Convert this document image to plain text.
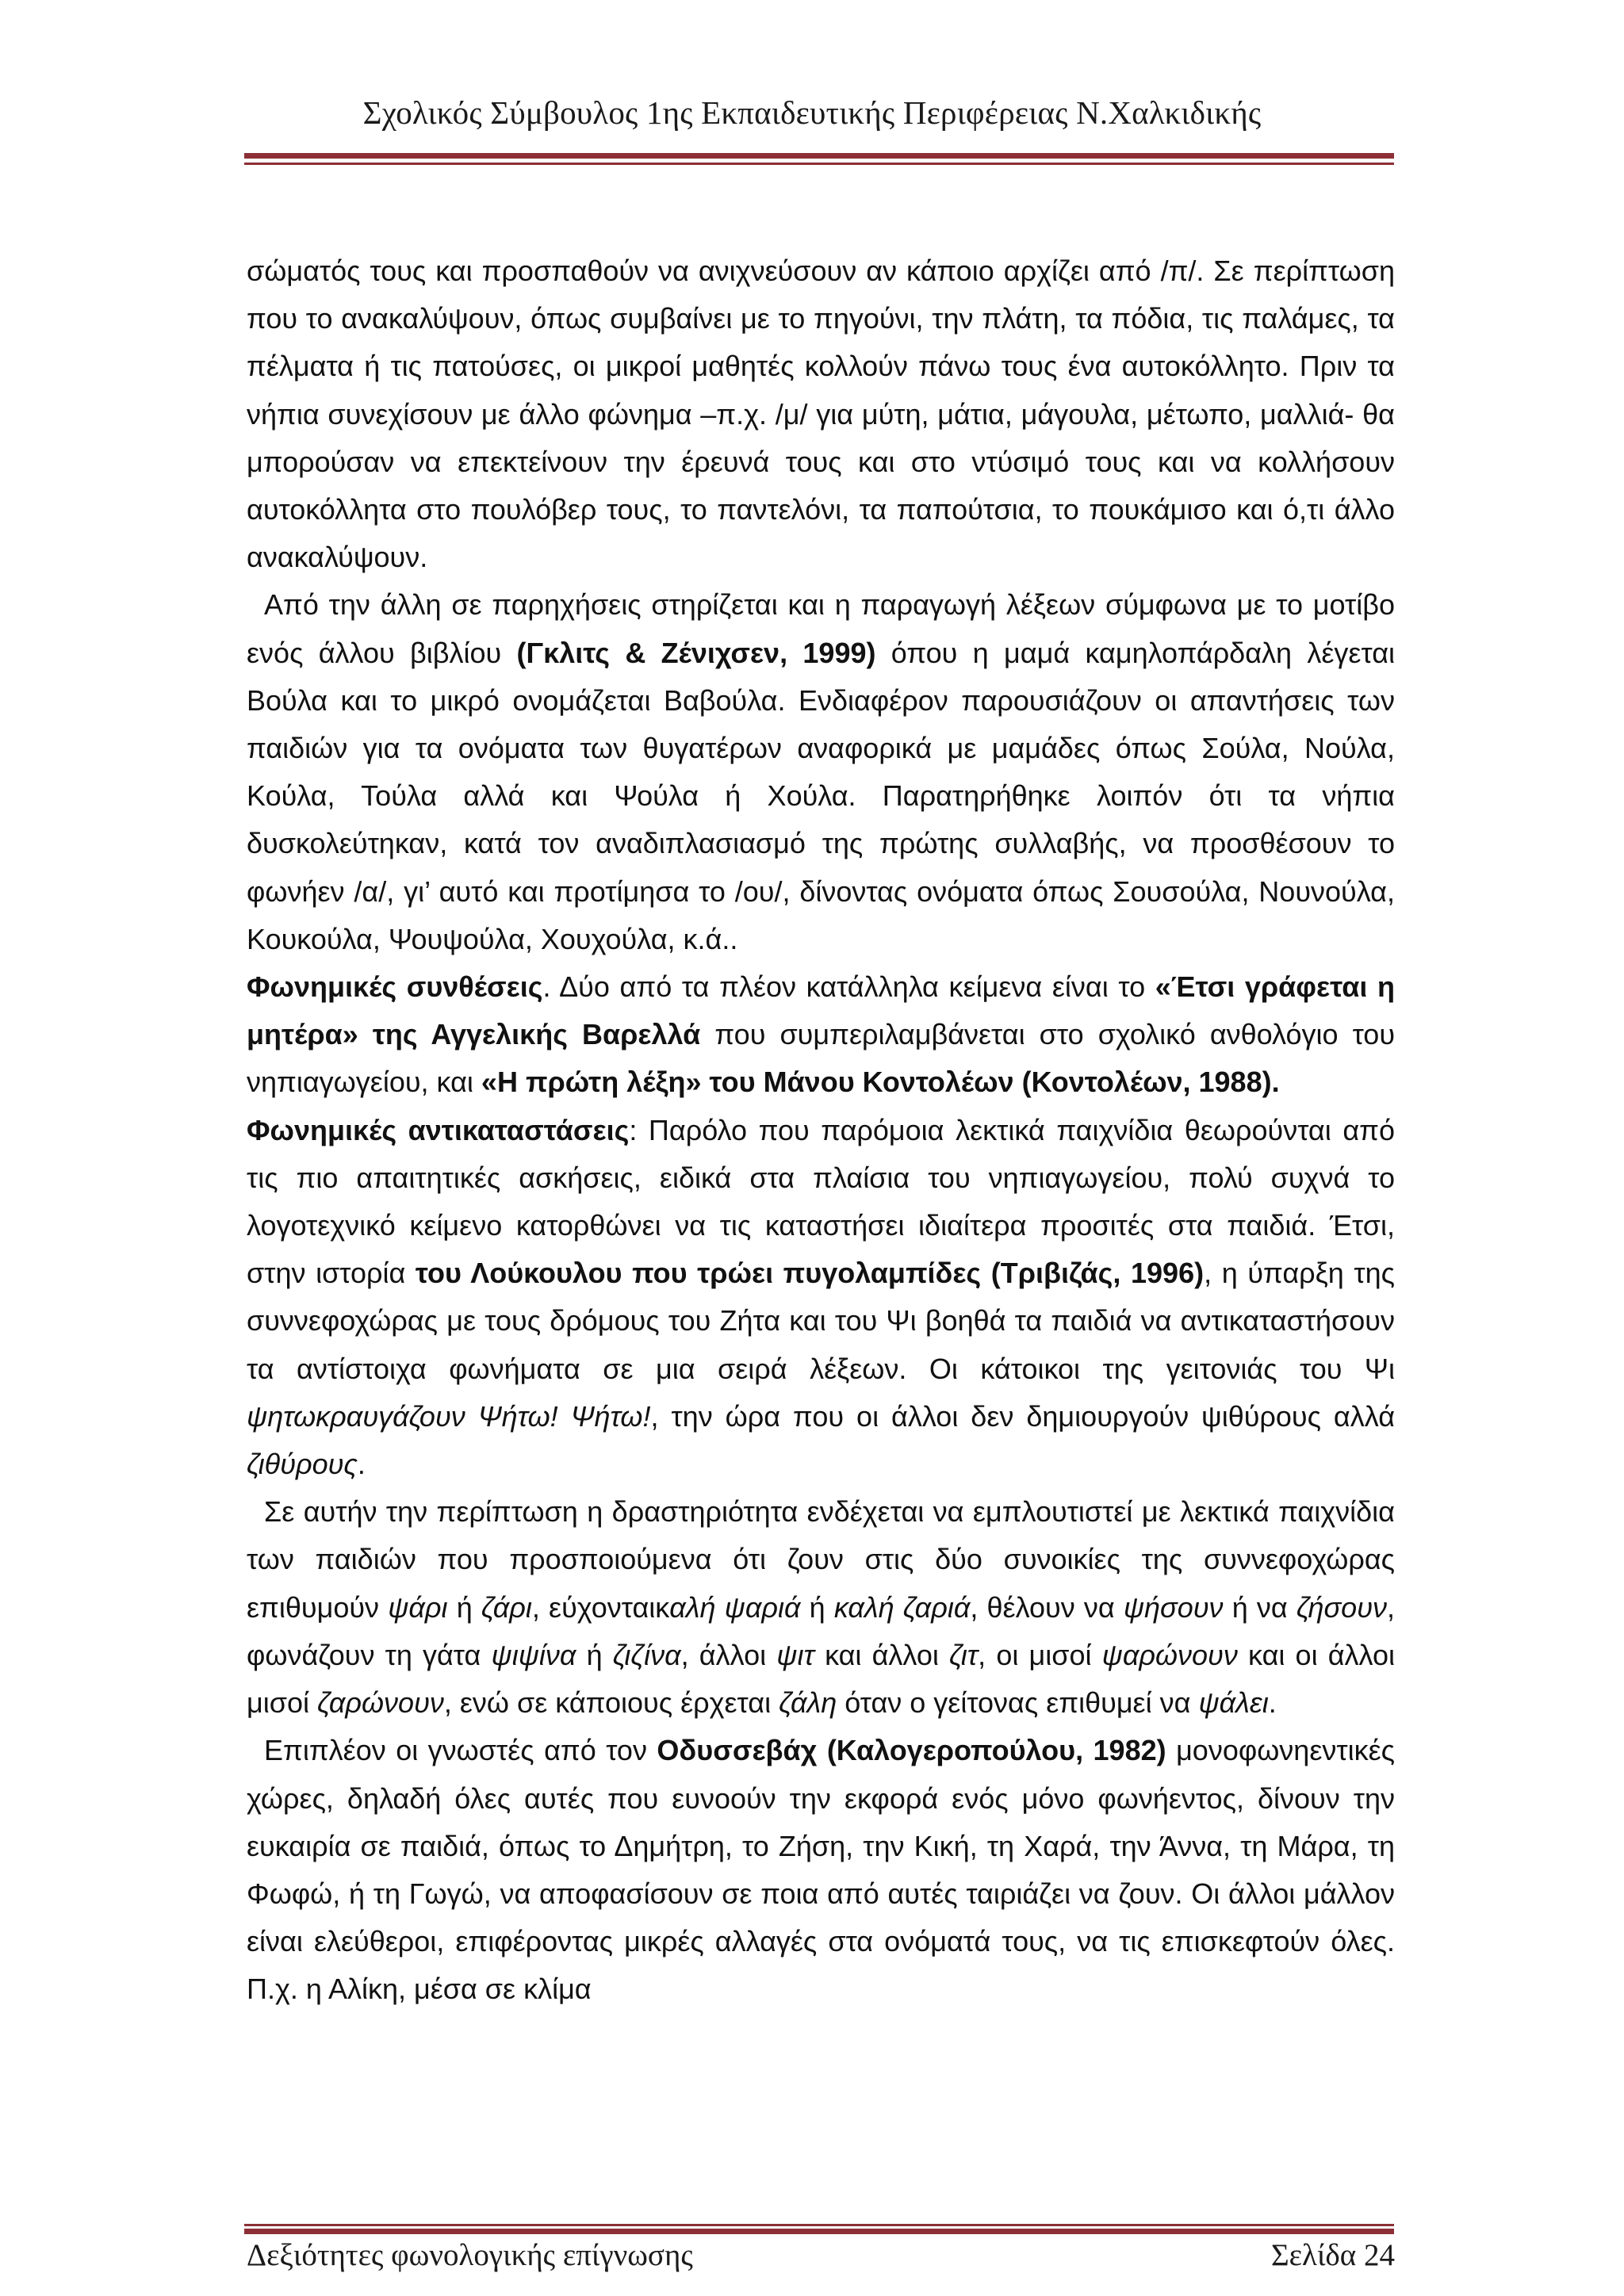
Σχολικός Σύμβουλος 1ης Εκπαιδευτικής Περιφέρειας Ν.Χαλκιδικής

σώματός τους και προσπαθούν να ανιχνεύσουν αν κάποιο αρχίζει από /π/. Σε περίπτωση που το ανακαλύψουν, όπως συμβαίνει με το πηγούνι, την πλάτη, τα πόδια, τις παλάμες, τα πέλματα ή τις πατούσες, οι μικροί μαθητές κολλούν πάνω τους ένα αυτοκόλλητο. Πριν τα νήπια συνεχίσουν με άλλο φώνημα –π.χ. /μ/ για μύτη, μάτια, μάγουλα, μέτωπο, μαλλιά- θα μπορούσαν να επεκτείνουν την έρευνά τους και στο ντύσιμό τους και να κολλήσουν αυτοκόλλητα στο πουλόβερ τους, το παντελόνι, τα παπούτσια, το πουκάμισο και ό,τι άλλο ανακαλύψουν.

Από την άλλη σε παρηχήσεις στηρίζεται και η παραγωγή λέξεων σύμφωνα με το μοτίβο ενός άλλου βιβλίου (Γκλιτς & Ζένιχσεν, 1999) όπου η μαμά καμηλοπάρδαλη λέγεται Βούλα και το μικρό ονομάζεται Βαβούλα. Ενδιαφέρον παρουσιάζουν οι απαντήσεις των παιδιών για τα ονόματα των θυγατέρων αναφορικά με μαμάδες όπως Σούλα, Νούλα, Κούλα, Τούλα αλλά και Ψούλα ή Χούλα. Παρατηρήθηκε λοιπόν ότι τα νήπια δυσκολεύτηκαν, κατά τον αναδιπλασιασμό της πρώτης συλλαβής, να προσθέσουν το φωνήεν /α/, γι’ αυτό και προτίμησα το /ου/, δίνοντας ονόματα όπως Σουσούλα, Νουνούλα, Κουκούλα, Ψουψούλα, Χουχούλα, κ.ά..

Φωνημικές συνθέσεις. Δύο από τα πλέον κατάλληλα κείμενα είναι το «Έτσι γράφεται η μητέρα» της Αγγελικής Βαρελλά που συμπεριλαμβάνεται στο σχολικό ανθολόγιο του νηπιαγωγείου, και «Η πρώτη λέξη» του Μάνου Κοντολέων (Κοντολέων, 1988).

Φωνημικές αντικαταστάσεις: Παρόλο που παρόμοια λεκτικά παιχνίδια θεωρούνται από τις πιο απαιτητικές ασκήσεις, ειδικά στα πλαίσια του νηπιαγωγείου, πολύ συχνά το λογοτεχνικό κείμενο κατορθώνει να τις καταστήσει ιδιαίτερα προσιτές στα παιδιά. Έτσι, στην ιστορία του Λούκουλου που τρώει πυγολαμπίδες (Τριβιζάς, 1996), η ύπαρξη της συννεφοχώρας με τους δρόμους του Ζήτα και του Ψι βοηθά τα παιδιά να αντικαταστήσουν τα αντίστοιχα φωνήματα σε μια σειρά λέξεων. Οι κάτοικοι της γειτονιάς του Ψι ψητωκραυγάζουν Ψήτω! Ψήτω!, την ώρα που οι άλλοι δεν δημιουργούν ψιθύρους αλλά ζιθύρους.

Σε αυτήν την περίπτωση η δραστηριότητα ενδέχεται να εμπλουτιστεί με λεκτικά παιχνίδια των παιδιών που προσποιούμενα ότι ζουν στις δύο συνοικίες της συννεφοχώρας επιθυμούν ψάρι ή ζάρι, εύχονταικαλή ψαριά ή καλή ζαριά, θέλουν να ψήσουν ή να ζήσουν, φωνάζουν τη γάτα ψιψίνα ή ζιζίνα, άλλοι ψιτ και άλλοι ζιτ, οι μισοί ψαρώνουν και οι άλλοι μισοί ζαρώνουν, ενώ σε κάποιους έρχεται ζάλη όταν ο γείτονας επιθυμεί να ψάλει.

Επιπλέον οι γνωστές από τον Οδυσσεβάχ (Καλογεροπούλου, 1982) μονοφωνηεντικές χώρες, δηλαδή όλες αυτές που ευνοούν την εκφορά ενός μόνο φωνήεντος, δίνουν την ευκαιρία σε παιδιά, όπως το Δημήτρη, το Ζήση, την Κική, τη Χαρά, την Άννα, τη Μάρα, τη Φωφώ, ή τη Γωγώ, να αποφασίσουν σε ποια από αυτές ταιριάζει να ζουν. Οι άλλοι μάλλον είναι ελεύθεροι, επιφέροντας μικρές αλλαγές στα ονόματά τους, να τις επισκεφτούν όλες. Π.χ. η Αλίκη, μέσα σε κλίμα

Δεξιότητες φωνολογικής επίγνωσης	Σελίδα 24
